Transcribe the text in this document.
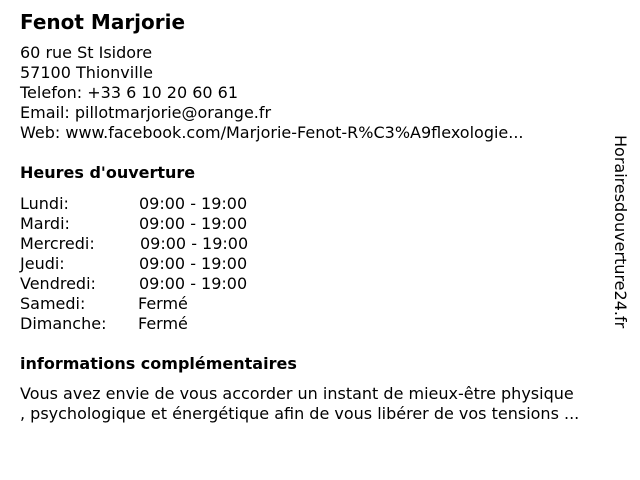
Fenot Marjorie
60 rue St Isidore
57100 Thionville
Telefon: +33 6 10 20 60 61
Email: pillotmarjorie@orange.fr
Web: www.facebook.com/Marjorie-Fenot-R%C3%A9flexologie...
Heures d'ouverture
Lundi:	09:00 - 19:00
Mardi:	09:00 - 19:00
Mercredi:	09:00 - 19:00
Jeudi:	09:00 - 19:00
Vendredi:	09:00 - 19:00
Samedi:	Fermé
Dimanche: Fermé
informations complémentaires
Vous avez envie de vous accorder un instant de mieux-être physique
, psychologique et énergétique afin de vous libérer de vos tensions ...
Horairesdouverture24.fr
